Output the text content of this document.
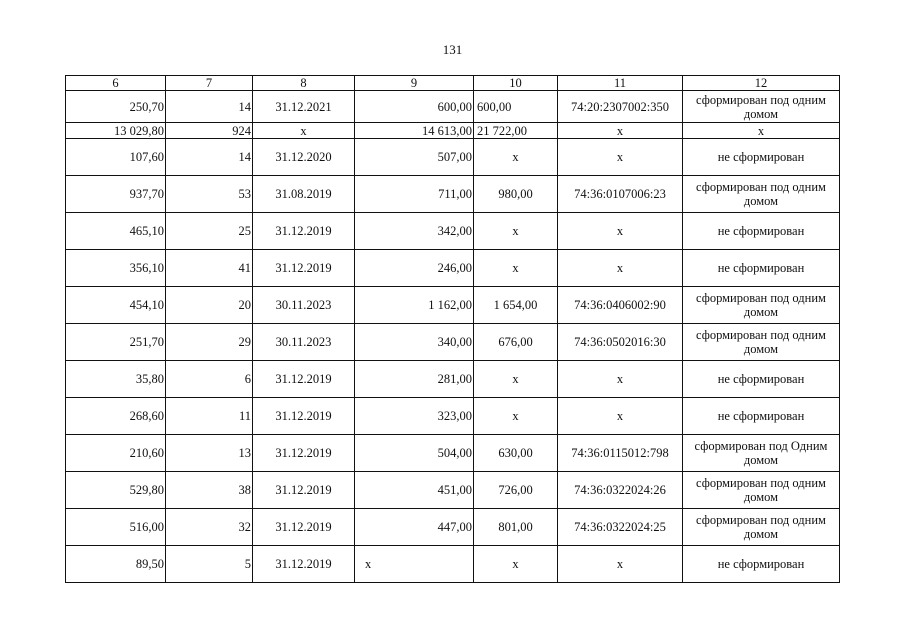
131
6	7	8	9	10	11	12
250,70	14	31.12.2021	600,00	600,00	74:20:2307002:350	сформирован под одним домом
13 029,80	924	х	14 613,00	21 722,00	х	х
107,60	14	31.12.2020	507,00	х	х	не сформирован
937,70	53	31.08.2019	711,00	980,00	74:36:0107006:23	сформирован под одним домом
465,10	25	31.12.2019	342,00	х	х	не сформирован
356,10	41	31.12.2019	246,00	х	х	не сформирован
454,10	20	30.11.2023	1 162,00	1 654,00	74:36:0406002:90	сформирован под одним домом
251,70	29	30.11.2023	340,00	676,00	74:36:0502016:30	сформирован под одним домом
35,80	6	31.12.2019	281,00	х	х	не сформирован
268,60	11	31.12.2019	323,00	х	х	не сформирован
210,60	13	31.12.2019	504,00	630,00	74:36:0115012:798	сформирован под Одним домом
529,80	38	31.12.2019	451,00	726,00	74:36:0322024:26	сформирован под одним домом
516,00	32	31.12.2019	447,00	801,00	74:36:0322024:25	сформирован под одним домом
89,50	5	31.12.2019	х	х	х	не сформирован
